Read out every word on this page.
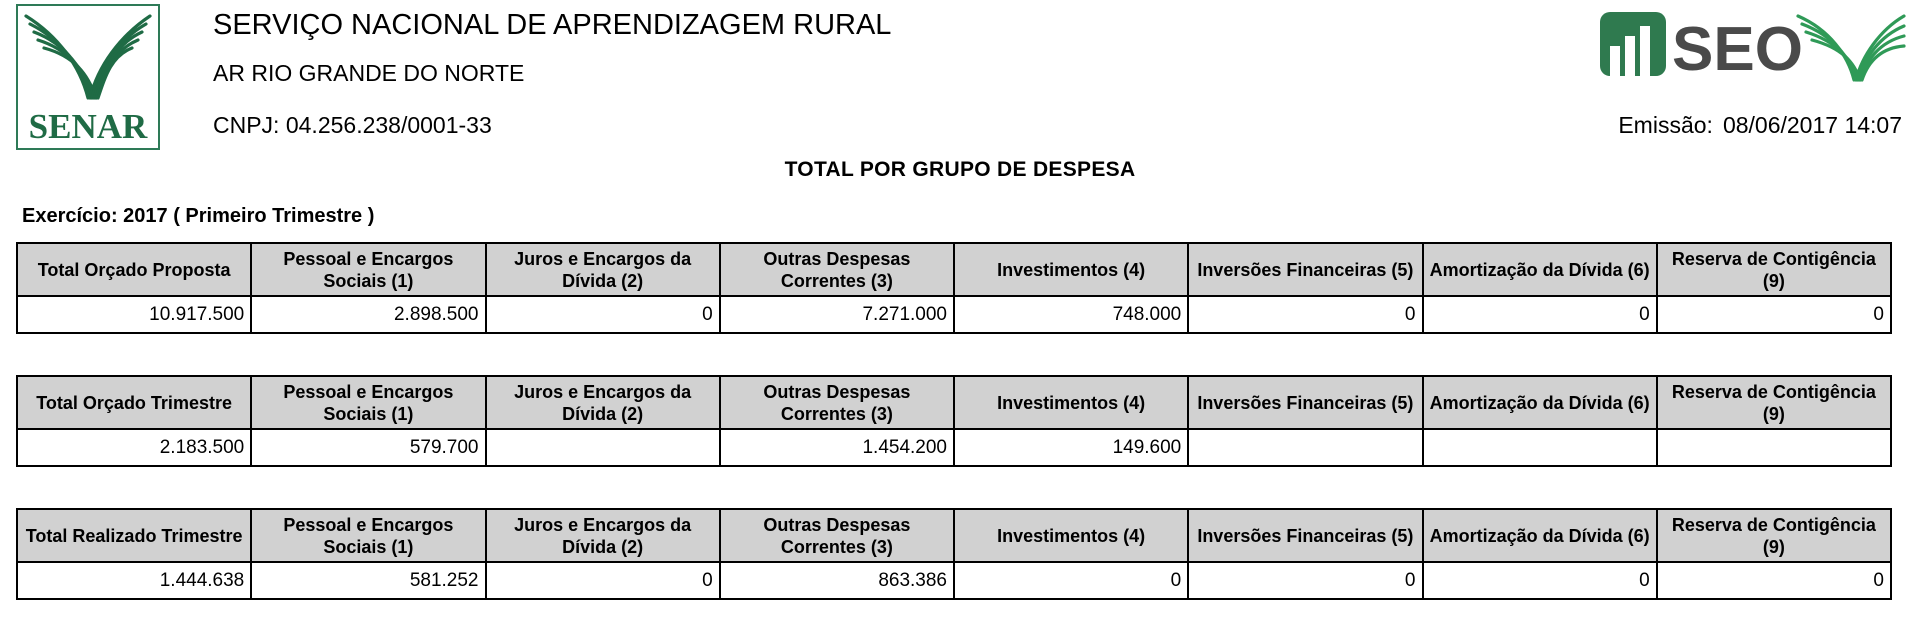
SENAR
SERVIÇO NACIONAL DE APRENDIZAGEM RURAL
AR RIO GRANDE DO NORTE
CNPJ: 04.256.238/0001-33
SEO
Emissão: 08/06/2017 14:07
TOTAL POR GRUPO DE DESPESA
Exercício: 2017 ( Primeiro Trimestre )
Total Orçado Proposta	Pessoal e Encargos Sociais (1)	Juros e Encargos da Dívida (2)	Outras Despesas Correntes (3)	Investimentos (4)	Inversões Financeiras (5)	Amortização da Dívida (6)	Reserva de Contigência (9)
10.917.500	2.898.500	0	7.271.000	748.000	0	0	0
Total Orçado Trimestre	Pessoal e Encargos Sociais (1)	Juros e Encargos da Dívida (2)	Outras Despesas Correntes (3)	Investimentos (4)	Inversões Financeiras (5)	Amortização da Dívida (6)	Reserva de Contigência (9)
2.183.500	579.700		1.454.200	149.600			
Total Realizado Trimestre	Pessoal e Encargos Sociais (1)	Juros e Encargos da Dívida (2)	Outras Despesas Correntes (3)	Investimentos (4)	Inversões Financeiras (5)	Amortização da Dívida (6)	Reserva de Contigência (9)
1.444.638	581.252	0	863.386	0	0	0	0
